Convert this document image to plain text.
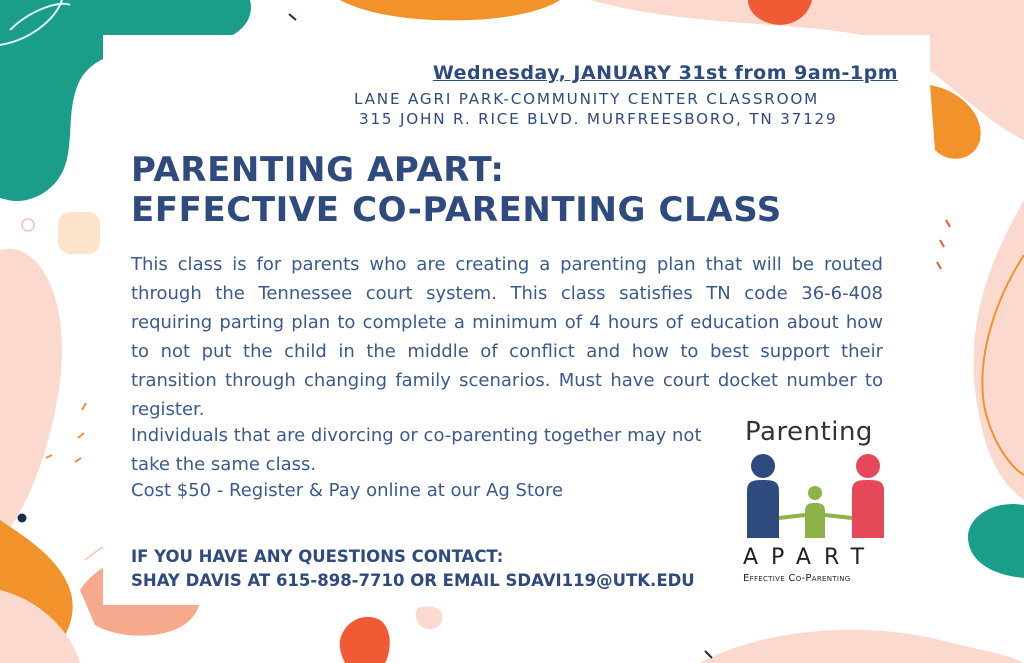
Wednesday, JANUARY 31st from 9am-1pm
LANE AGRI PARK-COMMUNITY CENTER CLASSROOM
315 JOHN R. RICE BLVD. MURFREESBORO, TN 37129
PARENTING APART:
EFFECTIVE CO-PARENTING CLASS
This class is for parents who are creating a parenting plan that will be routed through the Tennessee court system. This class satisfies TN code 36-6-408 requiring parting plan to complete a minimum of 4 hours of education about how to not put the child in the middle of conflict and how to best support their transition through changing family scenarios. Must have court docket number to register.
Individuals that are divorcing or co-parenting together may not take the same class.
Cost $50 - Register & Pay online at our Ag Store
IF YOU HAVE ANY QUESTIONS CONTACT:
SHAY DAVIS AT 615-898-7710 OR EMAIL SDAVI119@UTK.EDU
Parenting
APART
Effective Co-Parenting
